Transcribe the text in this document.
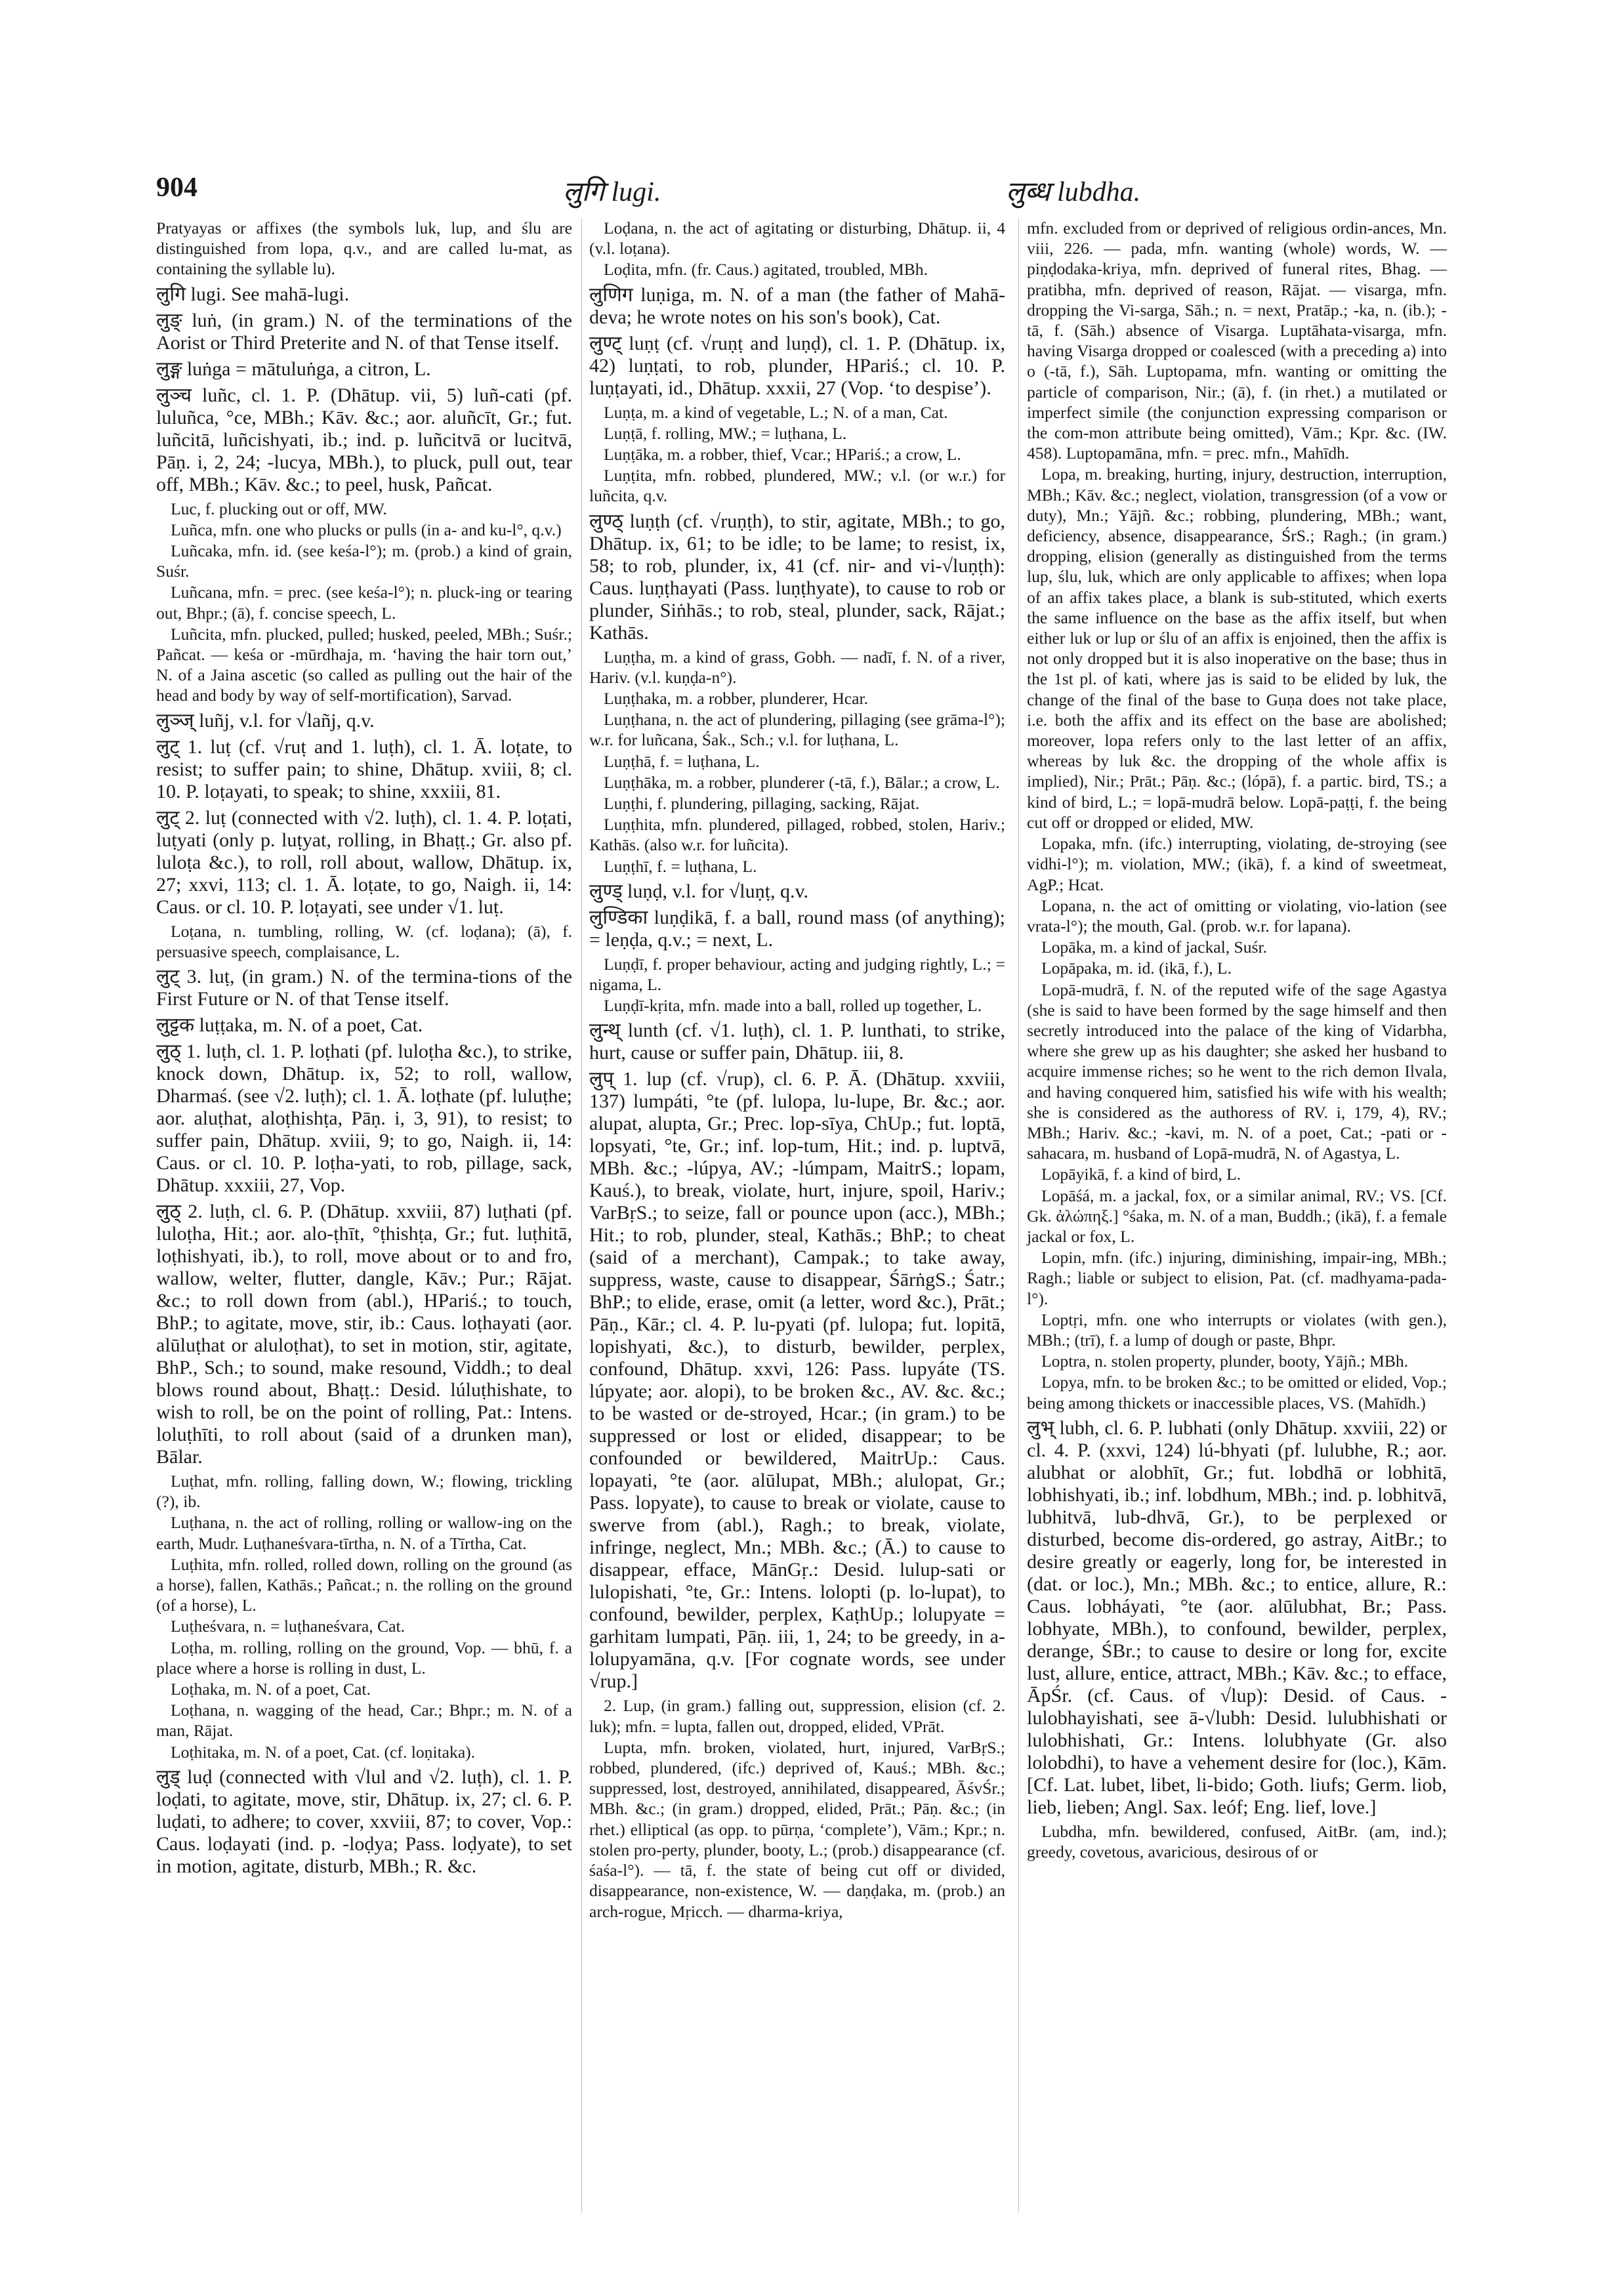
904	लुगि lugi.	लुब्ध lubdha.

Pratyayas or affixes (the symbols luk, lup, and ślu are distinguished from lopa, q.v., and are called lu-mat, as containing the syllable lu).

लुगि lugi. See mahā-lugi.

लुङ् luṅ, (in gram.) N. of the terminations of the Aorist or Third Preterite and N. of that Tense itself.

लुङ्ग luṅga = mātuluṅga, a citron, L.

लुञ्च luñc, cl. 1. P. (Dhātup. vii, 5) luñ-cati (pf. luluñca, °ce, MBh.; Kāv. &c.; aor. aluñcīt, Gr.; fut. luñcitā, luñcishyati, ib.; ind. p. luñcitvā or lucitvā, Pāṇ. i, 2, 24; -lucya, MBh.), to pluck, pull out, tear off, MBh.; Kāv. &c.; to peel, husk, Pañcat.

Luc, f. plucking out or off, MW.

Luñca, mfn. one who plucks or pulls (in a- and ku-l°, q.v.)

Luñcaka, mfn. id. (see keśa-l°); m. (prob.) a kind of grain, Suśr.

Luñcana, mfn. = prec. (see keśa-l°); n. pluck-ing or tearing out, Bhpr.; (ā), f. concise speech, L.

Luñcita, mfn. plucked, pulled; husked, peeled, MBh.; Suśr.; Pañcat. — keśa or -mūrdhaja, m. ‘having the hair torn out,’ N. of a Jaina ascetic (so called as pulling out the hair of the head and body by way of self-mortification), Sarvad.

लुञ्ज् luñj, v.l. for √lañj, q.v.

लुट् 1. luṭ (cf. √ruṭ and 1. luṭh), cl. 1. Ā. loṭate, to resist; to suffer pain; to shine, Dhātup. xviii, 8; cl. 10. P. loṭayati, to speak; to shine, xxxiii, 81.

लुट् 2. luṭ (connected with √2. luṭh), cl. 1. 4. P. loṭati, luṭyati (only p. luṭyat, rolling, in Bhaṭṭ.; Gr. also pf. luloṭa &c.), to roll, roll about, wallow, Dhātup. ix, 27; xxvi, 113; cl. 1. Ā. loṭate, to go, Naigh. ii, 14: Caus. or cl. 10. P. loṭayati, see under √1. luṭ.

Loṭana, n. tumbling, rolling, W. (cf. loḍana); (ā), f. persuasive speech, complaisance, L.

लुट् 3. luṭ, (in gram.) N. of the termina-tions of the First Future or N. of that Tense itself.

लुट्टक luṭṭaka, m. N. of a poet, Cat.

लुठ् 1. luṭh, cl. 1. P. loṭhati (pf. luloṭha &c.), to strike, knock down, Dhātup. ix, 52; to roll, wallow, Dharmaś. (see √2. luṭh); cl. 1. Ā. loṭhate (pf. luluṭhe; aor. aluṭhat, aloṭhishṭa, Pāṇ. i, 3, 91), to resist; to suffer pain, Dhātup. xviii, 9; to go, Naigh. ii, 14: Caus. or cl. 10. P. loṭha-yati, to rob, pillage, sack, Dhātup. xxxiii, 27, Vop.

लुठ् 2. luṭh, cl. 6. P. (Dhātup. xxviii, 87) luṭhati (pf. luloṭha, Hit.; aor. alo-ṭhīt, °ṭhishṭa, Gr.; fut. luṭhitā, loṭhishyati, ib.), to roll, move about or to and fro, wallow, welter, flutter, dangle, Kāv.; Pur.; Rājat. &c.; to roll down from (abl.), HPariś.; to touch, BhP.; to agitate, move, stir, ib.: Caus. loṭhayati (aor. alūluṭhat or aluloṭhat), to set in motion, stir, agitate, BhP., Sch.; to sound, make resound, Viddh.; to deal blows round about, Bhaṭṭ.: Desid. lúluṭhishate, to wish to roll, be on the point of rolling, Pat.: Intens. loluṭhīti, to roll about (said of a drunken man), Bālar.

Luṭhat, mfn. rolling, falling down, W.; flowing, trickling (?), ib.

Luṭhana, n. the act of rolling, rolling or wallow-ing on the earth, Mudr. Luṭhaneśvara-tīrtha, n. N. of a Tīrtha, Cat.

Luṭhita, mfn. rolled, rolled down, rolling on the ground (as a horse), fallen, Kathās.; Pañcat.; n. the rolling on the ground (of a horse), L.

Luṭheśvara, n. = luṭhaneśvara, Cat.

Loṭha, m. rolling, rolling on the ground, Vop. — bhū, f. a place where a horse is rolling in dust, L.

Loṭhaka, m. N. of a poet, Cat.

Loṭhana, n. wagging of the head, Car.; Bhpr.; m. N. of a man, Rājat.

Loṭhitaka, m. N. of a poet, Cat. (cf. loṇitaka).

लुड् luḍ (connected with √lul and √2. luṭh), cl. 1. P. loḍati, to agitate, move, stir, Dhātup. ix, 27; cl. 6. P. luḍati, to adhere; to cover, xxviii, 87; to cover, Vop.: Caus. loḍayati (ind. p. -loḍya; Pass. loḍyate), to set in motion, agitate, disturb, MBh.; R. &c.

Loḍana, n. the act of agitating or disturbing, Dhātup. ii, 4 (v.l. loṭana).

Loḍita, mfn. (fr. Caus.) agitated, troubled, MBh.

लुणिग luṇiga, m. N. of a man (the father of Mahā-deva; he wrote notes on his son's book), Cat.

लुण्ट् luṇṭ (cf. √ruṇṭ and luṇḍ), cl. 1. P. (Dhātup. ix, 42) luṇṭati, to rob, plunder, HPariś.; cl. 10. P. luṇṭayati, id., Dhātup. xxxii, 27 (Vop. ‘to despise’).

Luṇṭa, m. a kind of vegetable, L.; N. of a man, Cat.

Luṇṭā, f. rolling, MW.; = luṭhana, L.

Luṇṭāka, m. a robber, thief, Vcar.; HPariś.; a crow, L.

Luṇṭita, mfn. robbed, plundered, MW.; v.l. (or w.r.) for luñcita, q.v.

लुण्ठ् luṇṭh (cf. √ruṇṭh), to stir, agitate, MBh.; to go, Dhātup. ix, 61; to be idle; to be lame; to resist, ix, 58; to rob, plunder, ix, 41 (cf. nir- and vi-√luṇṭh): Caus. luṇṭhayati (Pass. luṇṭhyate), to cause to rob or plunder, Siṅhās.; to rob, steal, plunder, sack, Rājat.; Kathās.

Luṇṭha, m. a kind of grass, Gobh. — nadī, f. N. of a river, Hariv. (v.l. kuṇḍa-n°).

Luṇṭhaka, m. a robber, plunderer, Hcar.

Luṇṭhana, n. the act of plundering, pillaging (see grāma-l°); w.r. for luñcana, Śak., Sch.; v.l. for luṭhana, L.

Luṇṭhā, f. = luṭhana, L.

Luṇṭhāka, m. a robber, plunderer (-tā, f.), Bālar.; a crow, L.

Luṇṭhi, f. plundering, pillaging, sacking, Rājat.

Luṇṭhita, mfn. plundered, pillaged, robbed, stolen, Hariv.; Kathās. (also w.r. for luñcita).

Luṇṭhī, f. = luṭhana, L.

लुण्ड् luṇḍ, v.l. for √luṇṭ, q.v.

लुण्डिका luṇḍikā, f. a ball, round mass (of anything); = leṇḍa, q.v.; = next, L.

Luṇḍī, f. proper behaviour, acting and judging rightly, L.; = nigama, L.

Luṇḍī-kṛita, mfn. made into a ball, rolled up together, L.

लुन्थ् lunth (cf. √1. luṭh), cl. 1. P. lunthati, to strike, hurt, cause or suffer pain, Dhātup. iii, 8.

लुप् 1. lup (cf. √rup), cl. 6. P. Ā. (Dhātup. xxviii, 137) lumpáti, °te (pf. lulopa, lu-lupe, Br. &c.; aor. alupat, alupta, Gr.; Prec. lop-sīya, ChUp.; fut. loptā, lopsyati, °te, Gr.; inf. lop-tum, Hit.; ind. p. luptvā, MBh. &c.; -lúpya, AV.; -lúmpam, MaitrS.; lopam, Kauś.), to break, violate, hurt, injure, spoil, Hariv.; VarBṛS.; to seize, fall or pounce upon (acc.), MBh.; Hit.; to rob, plunder, steal, Kathās.; BhP.; to cheat (said of a merchant), Campak.; to take away, suppress, waste, cause to disappear, ŚārṅgS.; Śatr.; BhP.; to elide, erase, omit (a letter, word &c.), Prāt.; Pāṇ., Kār.; cl. 4. P. lu-pyati (pf. lulopa; fut. lopitā, lopishyati, &c.), to disturb, bewilder, perplex, confound, Dhātup. xxvi, 126: Pass. lupyáte (TS. lúpyate; aor. alopi), to be broken &c., AV. &c. &c.; to be wasted or de-stroyed, Hcar.; (in gram.) to be suppressed or lost or elided, disappear; to be confounded or bewildered, MaitrUp.: Caus. lopayati, °te (aor. alūlupat, MBh.; alulopat, Gr.; Pass. lopyate), to cause to break or violate, cause to swerve from (abl.), Ragh.; to break, violate, infringe, neglect, Mn.; MBh. &c.; (Ā.) to cause to disappear, efface, MānGṛ.: Desid. lulup-sati or lulopishati, °te, Gr.: Intens. lolopti (p. lo-lupat), to confound, bewilder, perplex, KaṭhUp.; lolupyate = garhitam lumpati, Pāṇ. iii, 1, 24; to be greedy, in a-lolupyamāna, q.v. [For cognate words, see under √rup.]

2. Lup, (in gram.) falling out, suppression, elision (cf. 2. luk); mfn. = lupta, fallen out, dropped, elided, VPrāt.

Lupta, mfn. broken, violated, hurt, injured, VarBṛS.; robbed, plundered, (ifc.) deprived of, Kauś.; MBh. &c.; suppressed, lost, destroyed, annihilated, disappeared, ĀśvŚr.; MBh. &c.; (in gram.) dropped, elided, Prāt.; Pāṇ. &c.; (in rhet.) elliptical (as opp. to pūrṇa, ‘complete’), Vām.; Kpr.; n. stolen pro-perty, plunder, booty, L.; (prob.) disappearance (cf. śaśa-l°). — tā, f. the state of being cut off or divided, disappearance, non-existence, W. — daṇḍaka, m. (prob.) an arch-rogue, Mṛicch. — dharma-kriya,

mfn. excluded from or deprived of religious ordin-ances, Mn. viii, 226. — pada, mfn. wanting (whole) words, W. — piṇḍodaka-kriya, mfn. deprived of funeral rites, Bhag. — pratibha, mfn. deprived of reason, Rājat. — visarga, mfn. dropping the Vi-sarga, Sāh.; n. = next, Pratāp.; -ka, n. (ib.); -tā, f. (Sāh.) absence of Visarga. Luptāhata-visarga, mfn. having Visarga dropped or coalesced (with a preceding a) into o (-tā, f.), Sāh. Luptopama, mfn. wanting or omitting the particle of comparison, Nir.; (ā), f. (in rhet.) a mutilated or imperfect simile (the conjunction expressing comparison or the com-mon attribute being omitted), Vām.; Kpr. &c. (IW. 458). Luptopamāna, mfn. = prec. mfn., Mahīdh.

Lopa, m. breaking, hurting, injury, destruction, interruption, MBh.; Kāv. &c.; neglect, violation, transgression (of a vow or duty), Mn.; Yājñ. &c.; robbing, plundering, MBh.; want, deficiency, absence, disappearance, ŚrS.; Ragh.; (in gram.) dropping, elision (generally as distinguished from the terms lup, ślu, luk, which are only applicable to affixes; when lopa of an affix takes place, a blank is sub-stituted, which exerts the same influence on the base as the affix itself, but when either luk or lup or ślu of an affix is enjoined, then the affix is not only dropped but it is also inoperative on the base; thus in the 1st pl. of kati, where jas is said to be elided by luk, the change of the final of the base to Guṇa does not take place, i.e. both the affix and its effect on the base are abolished; moreover, lopa refers only to the last letter of an affix, whereas by luk &c. the dropping of the whole affix is implied), Nir.; Prāt.; Pāṇ. &c.; (lópā), f. a partic. bird, TS.; a kind of bird, L.; = lopā-mudrā below. Lopā-paṭṭi, f. the being cut off or dropped or elided, MW.

Lopaka, mfn. (ifc.) interrupting, violating, de-stroying (see vidhi-l°); m. violation, MW.; (ikā), f. a kind of sweetmeat, AgP.; Hcat.

Lopana, n. the act of omitting or violating, vio-lation (see vrata-l°); the mouth, Gal. (prob. w.r. for lapana).

Lopāka, m. a kind of jackal, Suśr.

Lopāpaka, m. id. (ikā, f.), L.

Lopā-mudrā, f. N. of the reputed wife of the sage Agastya (she is said to have been formed by the sage himself and then secretly introduced into the palace of the king of Vidarbha, where she grew up as his daughter; she asked her husband to acquire immense riches; so he went to the rich demon Ilvala, and having conquered him, satisfied his wife with his wealth; she is considered as the authoress of RV. i, 179, 4), RV.; MBh.; Hariv. &c.; -kavi, m. N. of a poet, Cat.; -pati or -sahacara, m. husband of Lopā-mudrā, N. of Agastya, L.

Lopāyikā, f. a kind of bird, L.

Lopāśá, m. a jackal, fox, or a similar animal, RV.; VS. [Cf. Gk. ἀλώπηξ.] °śaka, m. N. of a man, Buddh.; (ikā), f. a female jackal or fox, L.

Lopin, mfn. (ifc.) injuring, diminishing, impair-ing, MBh.; Ragh.; liable or subject to elision, Pat. (cf. madhyama-pada-l°).

Loptṛi, mfn. one who interrupts or violates (with gen.), MBh.; (trī), f. a lump of dough or paste, Bhpr.

Loptra, n. stolen property, plunder, booty, Yājñ.; MBh.

Lopya, mfn. to be broken &c.; to be omitted or elided, Vop.; being among thickets or inaccessible places, VS. (Mahīdh.)

लुभ् lubh, cl. 6. P. lubhati (only Dhātup. xxviii, 22) or cl. 4. P. (xxvi, 124) lú-bhyati (pf. lulubhe, R.; aor. alubhat or alobhīt, Gr.; fut. lobdhā or lobhitā, lobhishyati, ib.; inf. lobdhum, MBh.; ind. p. lobhitvā, lubhitvā, lub-dhvā, Gr.), to be perplexed or disturbed, become dis-ordered, go astray, AitBr.; to desire greatly or eagerly, long for, be interested in (dat. or loc.), Mn.; MBh. &c.; to entice, allure, R.: Caus. lobháyati, °te (aor. alūlubhat, Br.; Pass. lobhyate, MBh.), to confound, bewilder, perplex, derange, ŚBr.; to cause to desire or long for, excite lust, allure, entice, attract, MBh.; Kāv. &c.; to efface, ĀpŚr. (cf. Caus. of √lup): Desid. of Caus. -lulobhayishati, see ā-√lubh: Desid. lulubhishati or lulobhishati, Gr.: Intens. lolubhyate (Gr. also lolobdhi), to have a vehement desire for (loc.), Kām. [Cf. Lat. lubet, libet, li-bido; Goth. liufs; Germ. liob, lieb, lieben; Angl. Sax. leóf; Eng. lief, love.]

Lubdha, mfn. bewildered, confused, AitBr. (am, ind.); greedy, covetous, avaricious, desirous of or
